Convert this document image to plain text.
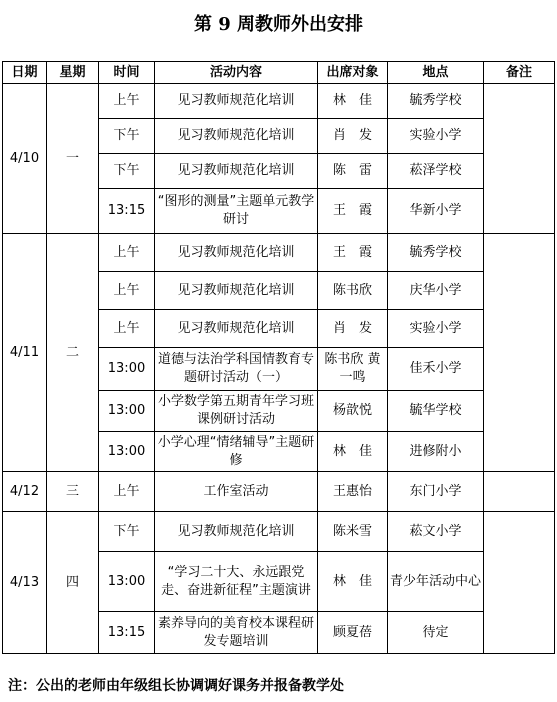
第 9 周教师外出安排
日期	星期	时间	活动内容	出席对象	地点	备注
4/10	一	上午	见习教师规范化培训	林　佳	毓秀学校	
		下午	见习教师规范化培训	肖　发	实验小学	
		下午	见习教师规范化培训	陈　雷	菘泽学校	
		13:15	“图形的测量”主题单元教学研讨	王　霞	华新小学	
4/11	二	上午	见习教师规范化培训	王　霞	毓秀学校	
		上午	见习教师规范化培训	陈书欣	庆华小学	
		上午	见习教师规范化培训	肖　发	实验小学	
		13:00	道德与法治学科国情教育专题研讨活动（一）	陈书欣 黄一鸣	佳禾小学	
		13:00	小学数学第五期青年学习班课例研讨活动	杨歆悦	毓华学校	
		13:00	小学心理“情绪辅导”主题研修	林　佳	进修附小	
4/12	三	上午	工作室活动	王惠怡	东门小学	
4/13	四	下午	见习教师规范化培训	陈米雪	菘文小学	
		13:00	“学习二十大、永远跟党走、奋进新征程”主题演讲	林　佳	青少年活动中心	
		13:15	素养导向的美育校本课程研发专题培训	顾夏蓓	待定	
注：公出的老师由年级组长协调调好课务并报备教学处
